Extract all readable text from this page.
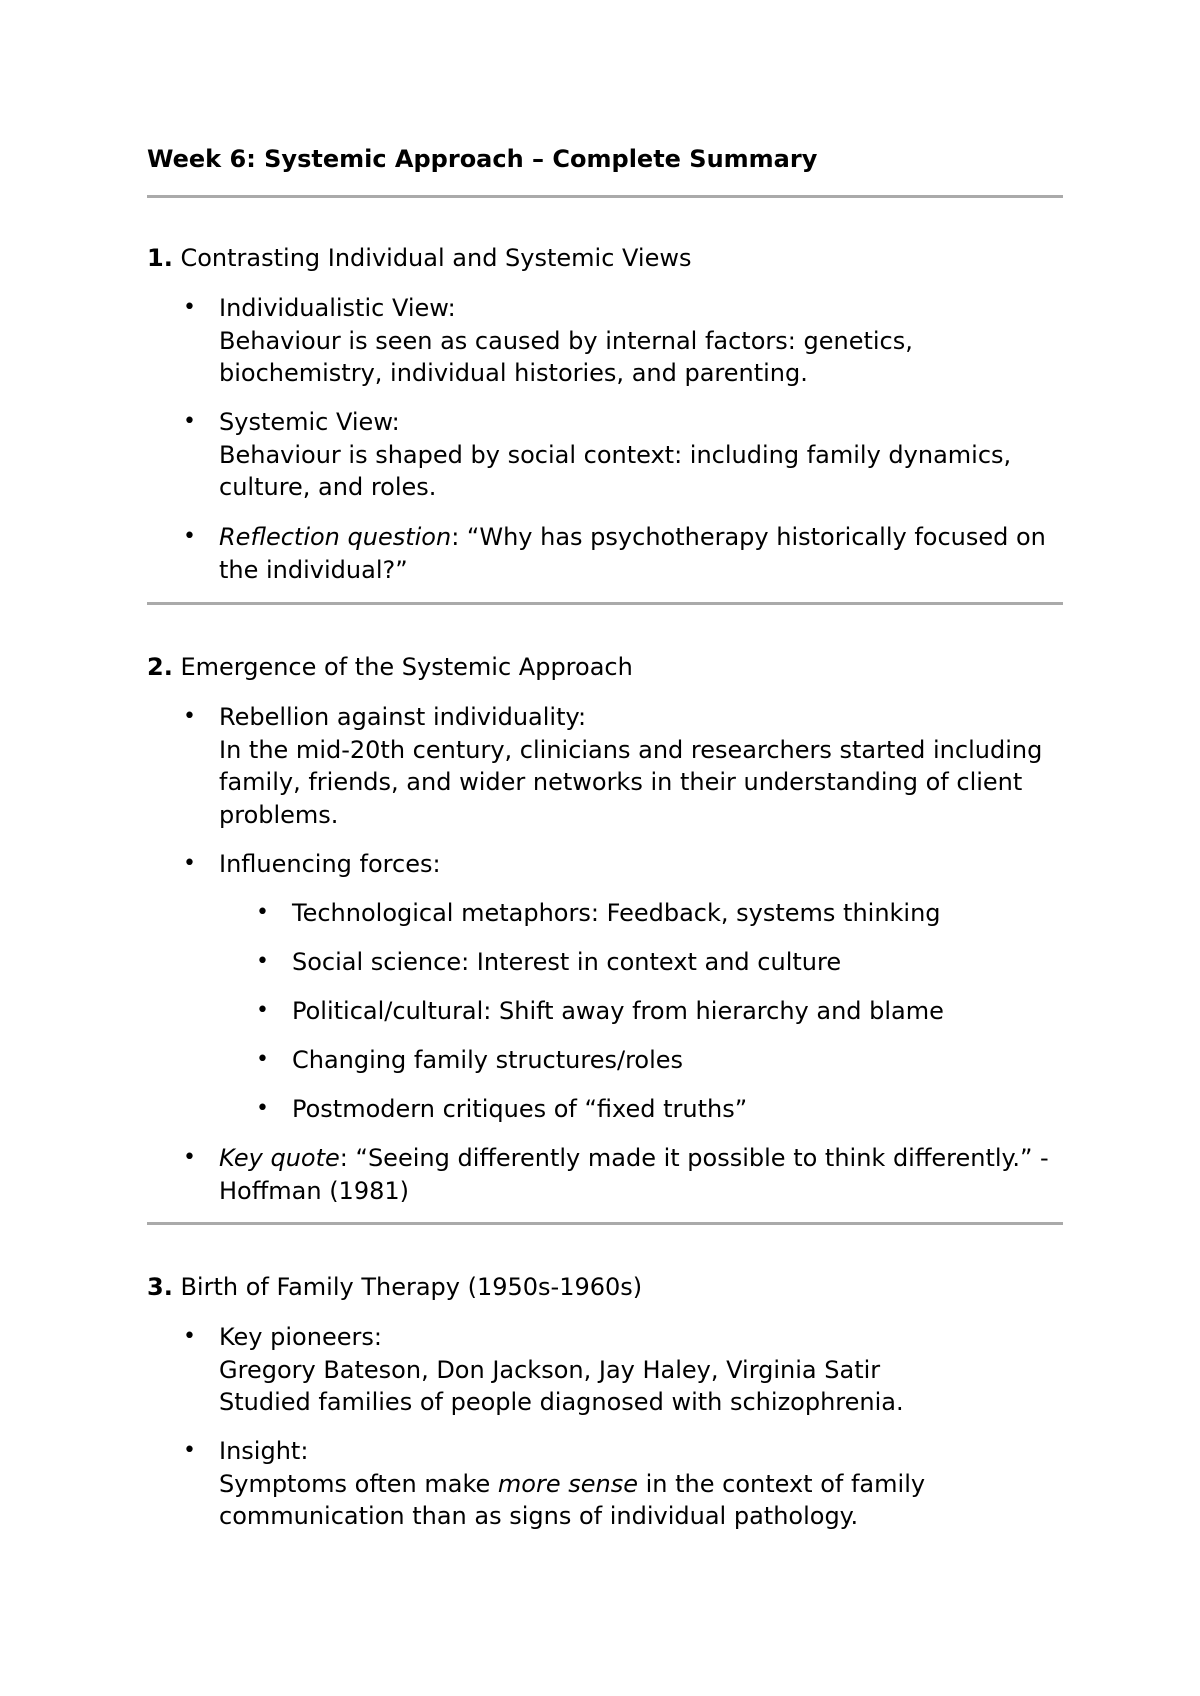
Week 6: Systemic Approach – Complete Summary
1. Contrasting Individual and Systemic Views
• Individualistic View:
Behaviour is seen as caused by internal factors: genetics,
biochemistry, individual histories, and parenting.
• Systemic View:
Behaviour is shaped by social context: including family dynamics,
culture, and roles.
• Reflection question: “Why has psychotherapy historically focused on
the individual?”
2. Emergence of the Systemic Approach
• Rebellion against individuality:
In the mid-20th century, clinicians and researchers started including
family, friends, and wider networks in their understanding of client
problems.
• Influencing forces:
• Technological metaphors: Feedback, systems thinking
• Social science: Interest in context and culture
• Political/cultural: Shift away from hierarchy and blame
• Changing family structures/roles
• Postmodern critiques of “fixed truths”
• Key quote: “Seeing differently made it possible to think differently.” -
Hoffman (1981)
3. Birth of Family Therapy (1950s-1960s)
• Key pioneers:
Gregory Bateson, Don Jackson, Jay Haley, Virginia Satir
Studied families of people diagnosed with schizophrenia.
• Insight:
Symptoms often make more sense in the context of family
communication than as signs of individual pathology.
